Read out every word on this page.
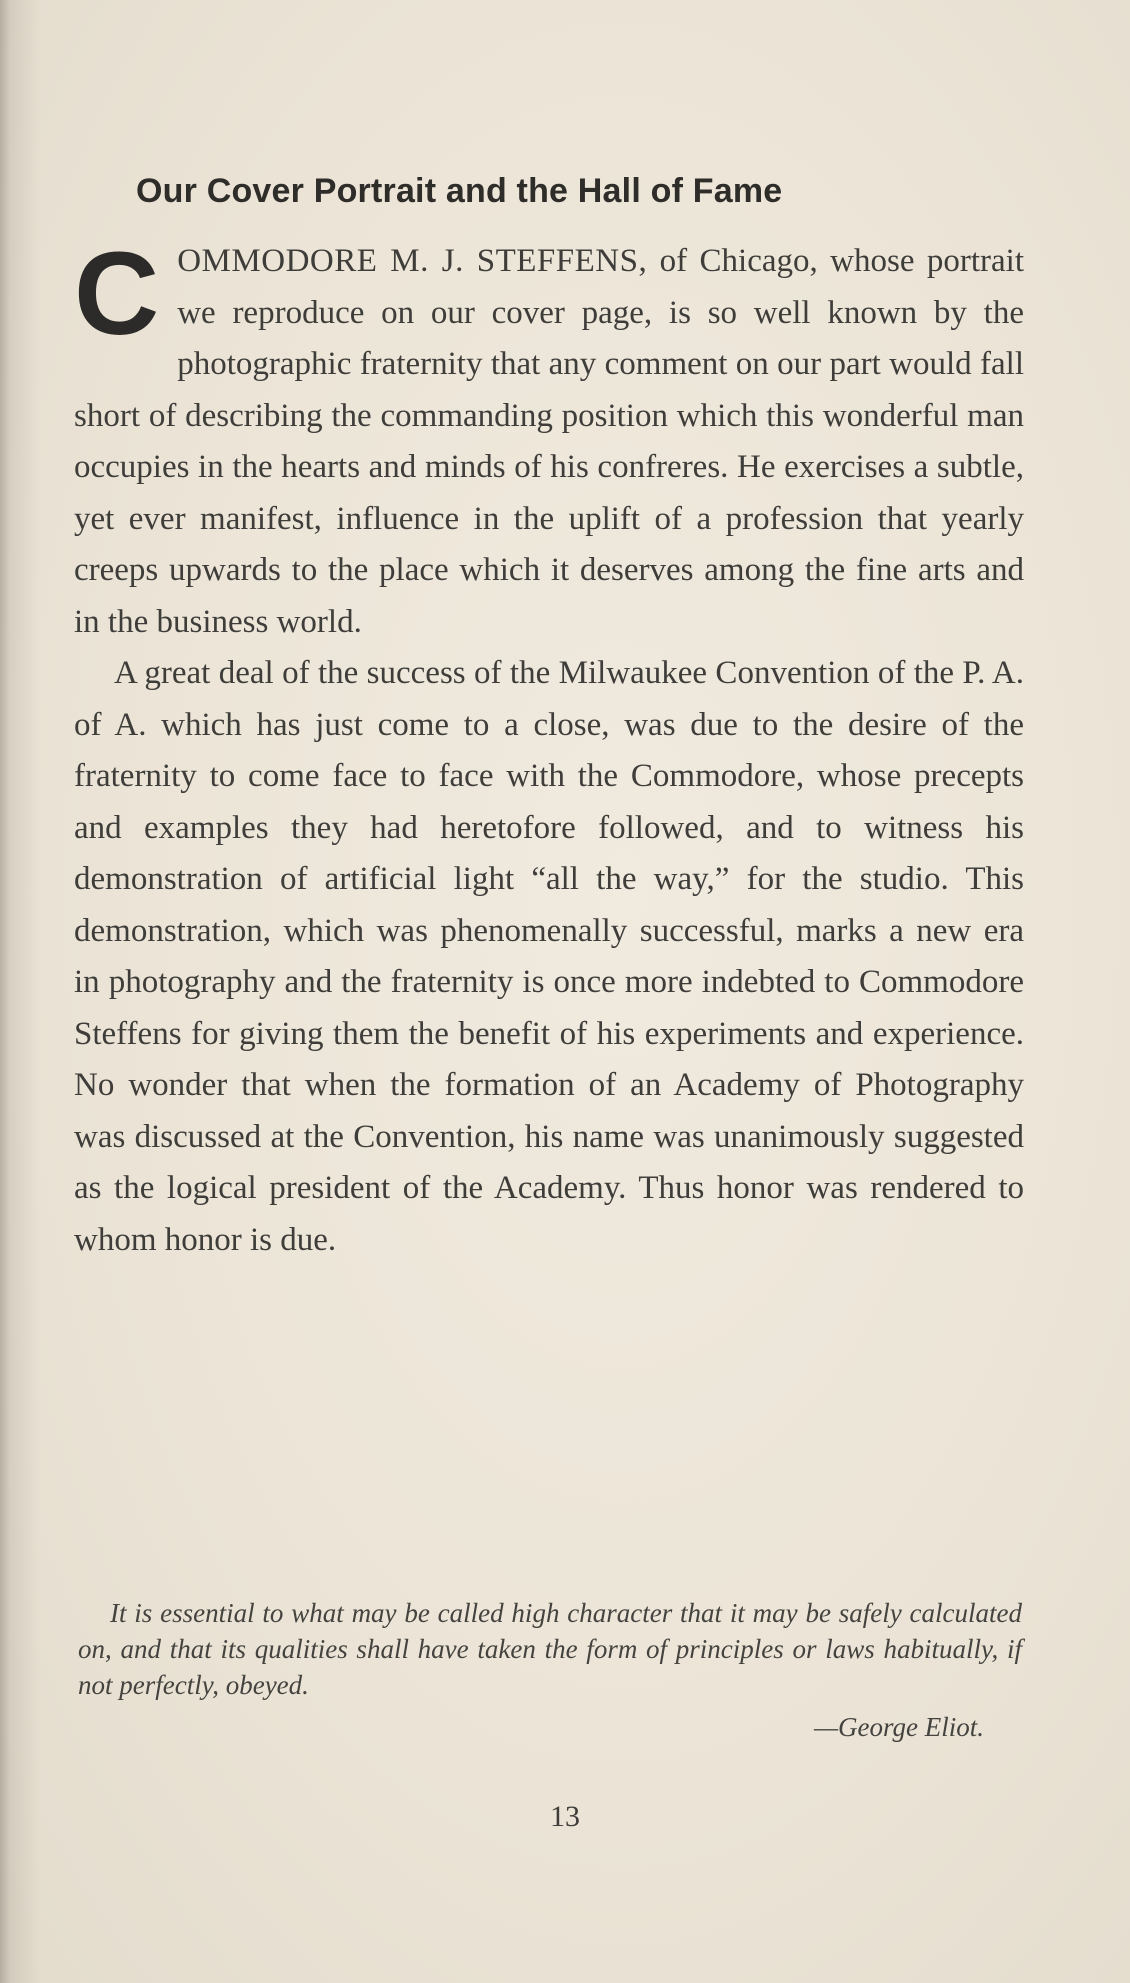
Our Cover Portrait and the Hall of Fame

COMMODORE M. J. STEFFENS, of Chicago, whose portrait we reproduce on our cover page, is so well known by the photographic fraternity that any comment on our part would fall short of describing the commanding position which this wonderful man occupies in the hearts and minds of his confreres. He exercises a subtle, yet ever manifest, influence in the uplift of a profession that yearly creeps upwards to the place which it deserves among the fine arts and in the business world.

A great deal of the success of the Milwaukee Convention of the P. A. of A. which has just come to a close, was due to the desire of the fraternity to come face to face with the Commodore, whose precepts and examples they had heretofore followed, and to witness his demonstration of artificial light “all the way,” for the studio. This demonstration, which was phenomenally successful, marks a new era in photography and the fraternity is once more indebted to Commodore Steffens for giving them the benefit of his experiments and experience. No wonder that when the formation of an Academy of Photography was discussed at the Convention, his name was unanimously suggested as the logical president of the Academy. Thus honor was rendered to whom honor is due.

It is essential to what may be called high character that it may be safely calculated on, and that its qualities shall have taken the form of principles or laws habitually, if not perfectly, obeyed.

—George Eliot.

13
